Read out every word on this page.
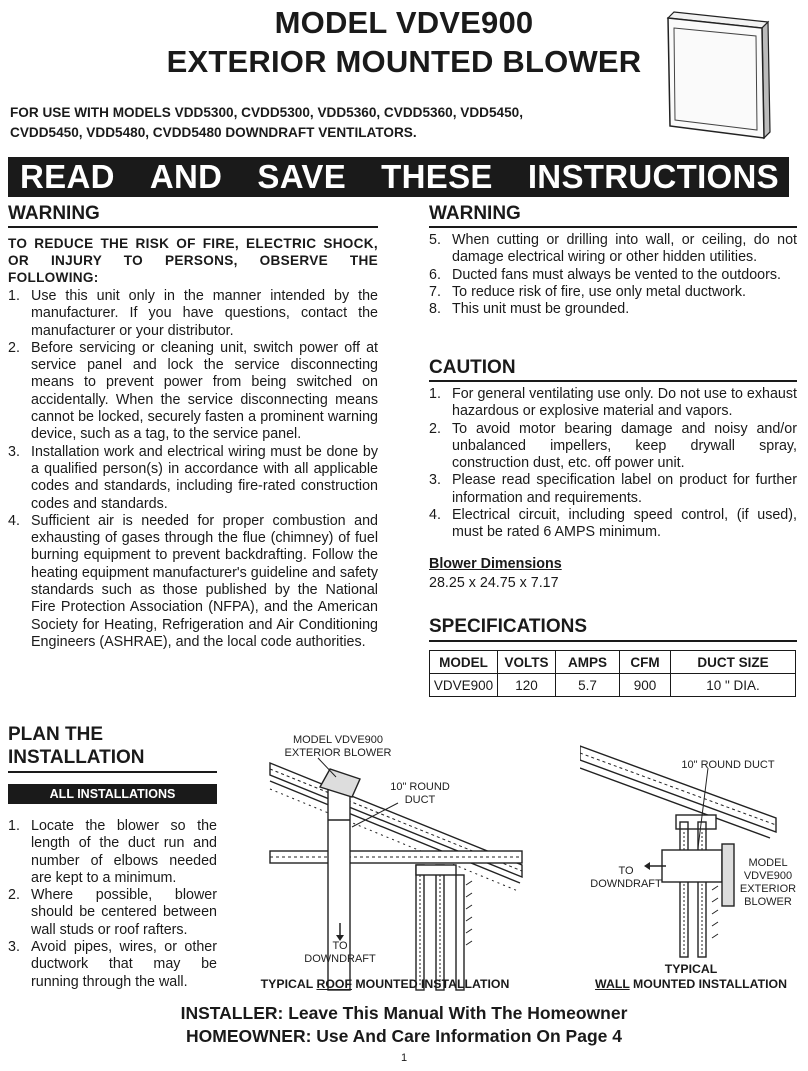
MODEL VDVE900
EXTERIOR MOUNTED BLOWER
FOR USE WITH MODELS VDD5300, CVDD5300, VDD5360, CVDD5360, VDD5450,
CVDD5450, VDD5480, CVDD5480 DOWNDRAFT VENTILATORS.
READ AND SAVE THESE INSTRUCTIONS
WARNING
TO REDUCE THE RISK OF FIRE, ELECTRIC SHOCK, OR INJURY TO PERSONS, OBSERVE THE FOLLOWING:
1. Use this unit only in the manner intended by the manufacturer. If you have questions, contact the manufacturer or your distributor.
2. Before servicing or cleaning unit, switch power off at service panel and lock the service disconnecting means to prevent power from being switched on accidentally. When the service disconnecting means cannot be locked, securely fasten a prominent warning device, such as a tag, to the service panel.
3. Installation work and electrical wiring must be done by a qualified person(s) in accordance with all applicable codes and standards, including fire-rated construction codes and standards.
4. Sufficient air is needed for proper combustion and exhausting of gases through the flue (chimney) of fuel burning equipment to prevent backdrafting. Follow the heating equipment manufacturer's guideline and safety standards such as those published by the National Fire Protection Association (NFPA), and the American Society for Heating, Refrigeration and Air Conditioning Engineers (ASHRAE), and the local code authorities.
WARNING
5. When cutting or drilling into wall, or ceiling, do not damage electrical wiring or other hidden utilities.
6. Ducted fans must always be vented to the outdoors.
7. To reduce risk of fire, use only metal ductwork.
8. This unit must be grounded.
CAUTION
1. For general ventilating use only. Do not use to exhaust hazardous or explosive material and vapors.
2. To avoid motor bearing damage and noisy and/or unbalanced impellers, keep drywall spray, construction dust, etc. off power unit.
3. Please read specification label on product for further information and requirements.
4. Electrical circuit, including speed control, (if used), must be rated 6 AMPS minimum.
Blower Dimensions
28.25 x 24.75 x 7.17
SPECIFICATIONS
MODEL	VOLTS	AMPS	CFM	DUCT SIZE
VDVE900	120	5.7	900	10 " DIA.
PLAN THE
INSTALLATION
ALL INSTALLATIONS
1. Locate the blower so the length of the duct run and number of elbows needed are kept to a minimum.
2. Where possible, blower should be centered between wall studs or roof rafters.
3. Avoid pipes, wires, or other ductwork that may be running through the wall.
MODEL VDVE900
EXTERIOR BLOWER
10" ROUND
DUCT
TO
DOWNDRAFT
TYPICAL ROOF MOUNTED INSTALLATION
10" ROUND DUCT
TO
DOWNDRAFT
MODEL
VDVE900
EXTERIOR
BLOWER
TYPICAL
WALL MOUNTED INSTALLATION
INSTALLER: Leave This Manual With The Homeowner
HOMEOWNER: Use And Care Information On Page 4
1
